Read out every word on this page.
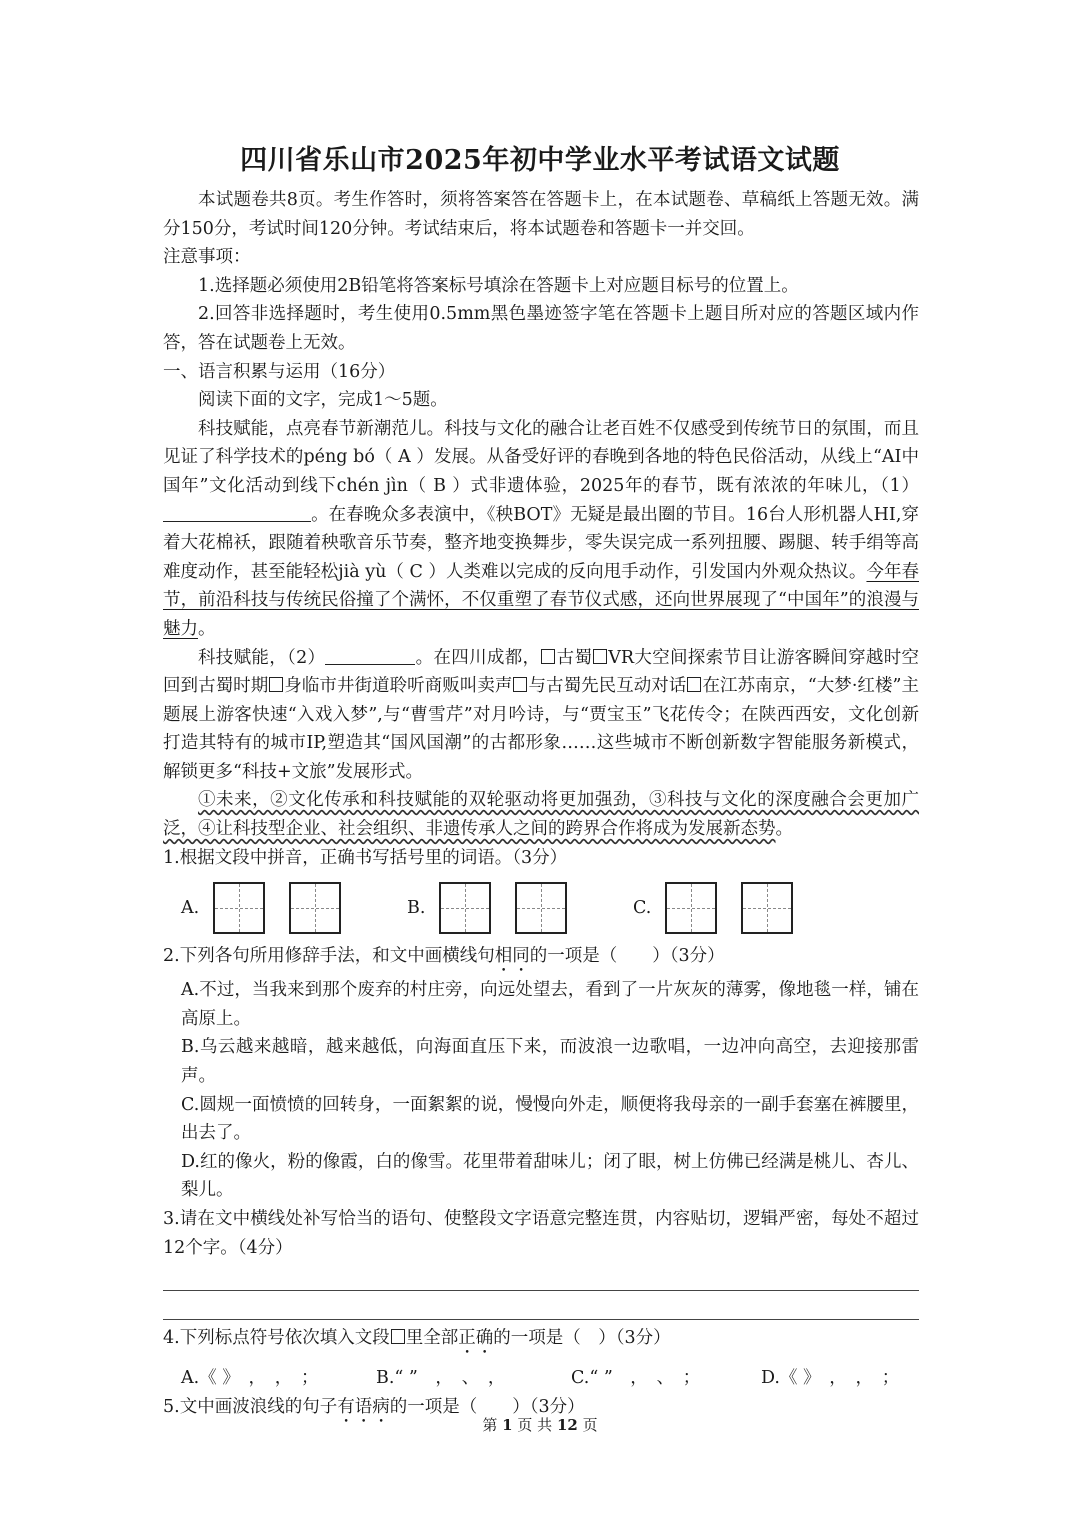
四川省乐山市2025年初中学业水平考试语文试题

本试题卷共8页。考生作答时，须将答案答在答题卡上，在本试题卷、草稿纸上答题无效。满分150分，考试时间120分钟。考试结束后，将本试题卷和答题卡一并交回。

注意事项：

1.选择题必须使用2B铅笔将答案标号填涂在答题卡上对应题目标号的位置上。

2.回答非选择题时，考生使用0.5mm黑色墨迹签字笔在答题卡上题目所对应的答题区域内作答，答在试题卷上无效。

一、语言积累与运用（16分）

阅读下面的文字，完成1～5题。

科技赋能，点亮春节新潮范儿。科技与文化的融合让老百姓不仅感受到传统节日的氛围，而且见证了科学技术的péng bó（ A ）发展。从备受好评的春晚到各地的特色民俗活动，从线上“AI中国年”文化活动到线下chén jìn（ B ）式非遗体验，2025年的春节，既有浓浓的年味儿，（1）。在春晚众多表演中，《秧BOT》无疑是最出圈的节目。16台人形机器人HI,穿着大花棉袄，跟随着秧歌音乐节奏，整齐地变换舞步，零失误完成一系列扭腰、踢腿、转手绢等高难度动作，甚至能轻松jià yù（ C ）人类难以完成的反向甩手动作，引发国内外观众热议。今年春节，前沿科技与传统民俗撞了个满怀，不仅重塑了春节仪式感，还向世界展现了“中国年”的浪漫与魅力。

科技赋能，（2）	。在四川成都， 古蜀 VR大空间探索节目让游客瞬间穿越时空回到古蜀时期 身临市井街道聆听商贩叫卖声 与古蜀先民互动对话 在江苏南京，“大梦·红楼”主题展上游客快速“入戏入梦”,与“曹雪芹”对月吟诗，与“贾宝玉”飞花传令；在陕西西安，文化创新打造其特有的城市IP,塑造其“国风国潮”的古都形象……这些城市不断创新数字智能服务新模式，解锁更多“科技+文旅”发展形式。

①未来，②文化传承和科技赋能的双轮驱动将更加强劲，③科技与文化的深度融合会更加广泛，④让科技型企业、社会组织、非遗传承人之间的跨界合作将成为发展新态势。

1.根据文段中拼音，正确书写括号里的词语。（3分）

A.	B.	C.

2.下列各句所用修辞手法，和文中画横线句相同的一项是（　　）（3分）

A.不过，当我来到那个废弃的村庄旁，向远处望去，看到了一片灰灰的薄雾，像地毯一样，铺在高原上。

B.乌云越来越暗，越来越低，向海面直压下来，而波浪一边歌唱，一边冲向高空，去迎接那雷声。

C.圆规一面愤愤的回转身，一面絮絮的说，慢慢向外走，顺便将我母亲的一副手套塞在裤腰里，出去了。

D.红的像火，粉的像霞，白的像雪。花里带着甜味儿；闭了眼，树上仿佛已经满是桃儿、杏儿、梨儿。

3.请在文中横线处补写恰当的语句、使整段文字语意完整连贯，内容贴切，逻辑严密，每处不超过12个字。（4分）

4.下列标点符号依次填入文段 里全部正确的一项是（　）（3分）

A.《 》　，　，　；	B.“ ”　，　、　，	C.“ ”　，　、　；	D.《 》　，　，　；

5.文中画波浪线的句子有语病的一项是（　　）（3分）

第 1 页 共 12 页
